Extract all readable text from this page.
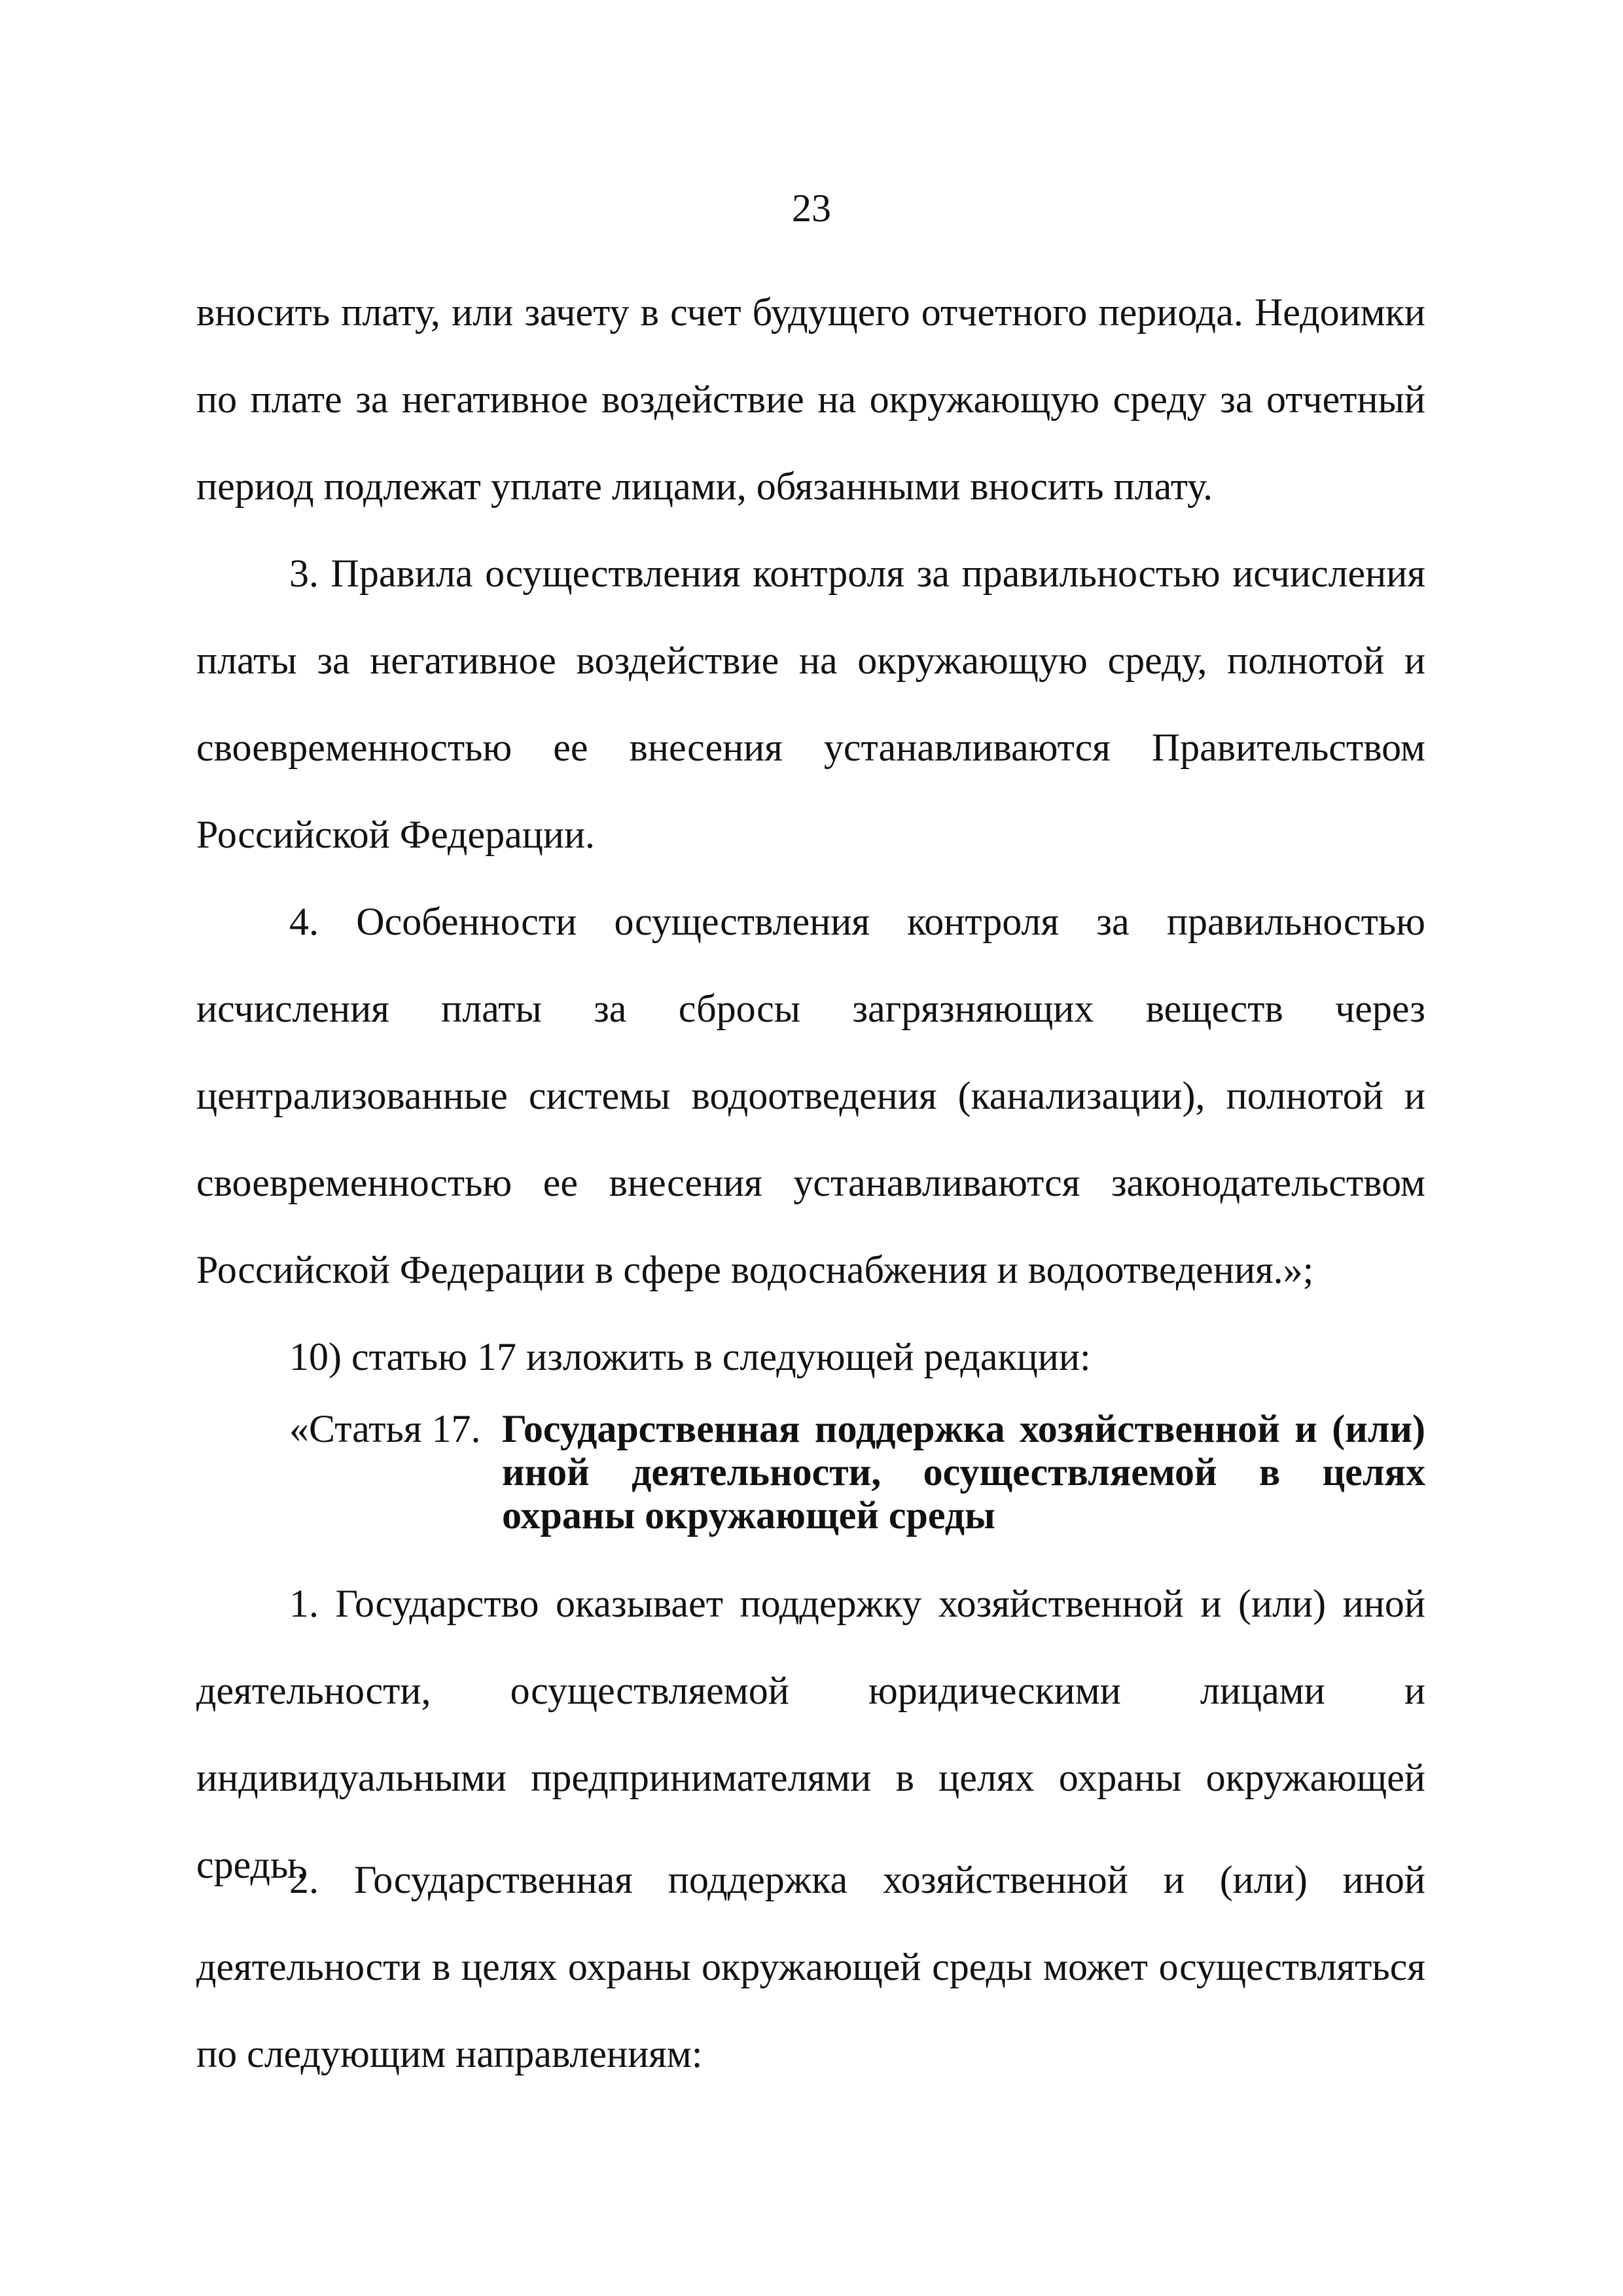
23

вносить плату, или зачету в счет будущего отчетного периода. Недоимки по плате за негативное воздействие на окружающую среду за отчетный период подлежат уплате лицами, обязанными вносить плату.

3. Правила осуществления контроля за правильностью исчисления платы за негативное воздействие на окружающую среду, полнотой и своевременностью ее внесения устанавливаются Правительством Российской Федерации.

4. Особенности осуществления контроля за правильностью исчисления платы за сбросы загрязняющих веществ через централизованные системы водоотведения (канализации), полнотой и своевременностью ее внесения устанавливаются законодательством Российской Федерации в сфере водоснабжения и водоотведения.»;

10) статью 17 изложить в следующей редакции:

«Статья 17. Государственная поддержка хозяйственной и (или) иной деятельности, осуществляемой в целях охраны окружающей среды

1. Государство оказывает поддержку хозяйственной и (или) иной деятельности, осуществляемой юридическими лицами и индивидуальными предпринимателями в целях охраны окружающей среды.

2. Государственная поддержка хозяйственной и (или) иной деятельности в целях охраны окружающей среды может осуществляться по следующим направлениям:
